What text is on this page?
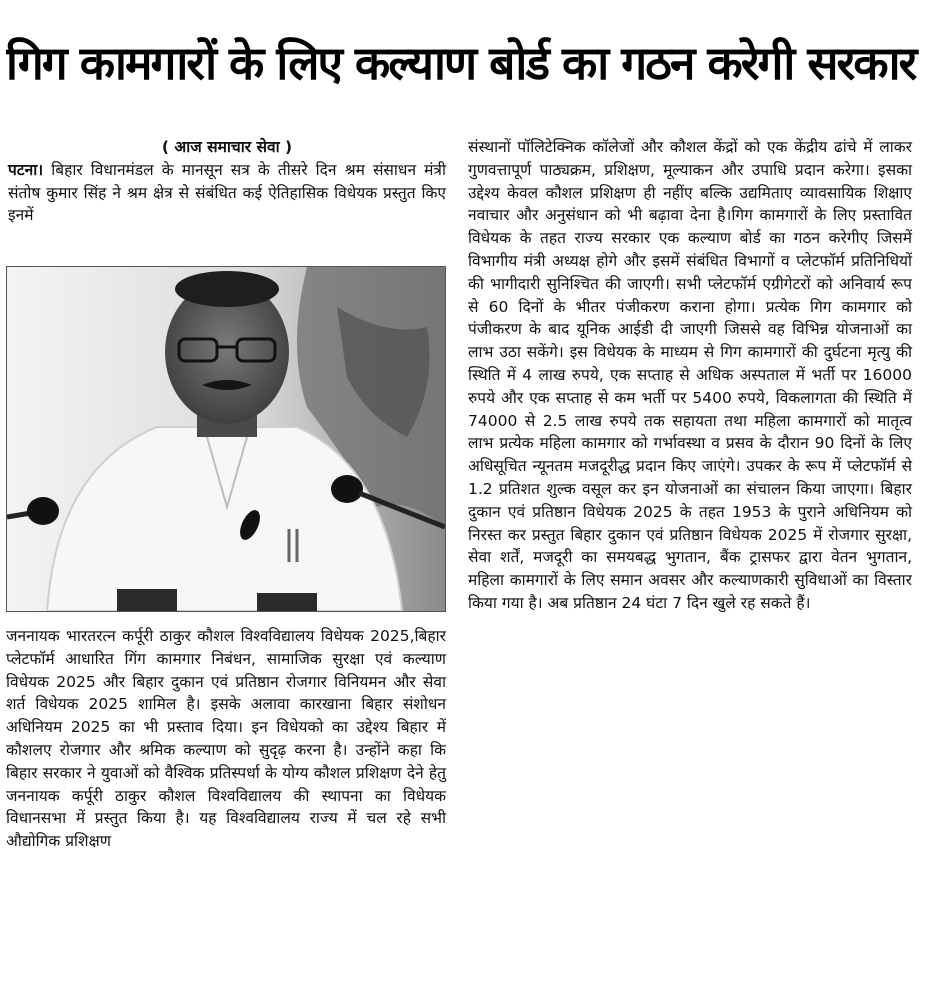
गिग कामगारों के लिए कल्याण बोर्ड का गठन करेगी सरकार
( आज समाचार सेवा )
पटना। बिहार विधानमंडल के मानसून सत्र के तीसरे दिन श्रम संसाधन मंत्री संतोष कुमार सिंह ने श्रम क्षेत्र से संबंधित कई ऐतिहासिक विधेयक प्रस्तुत किए इनमें
जननायक भारतरत्न कर्पूरी ठाकुर कौशल विश्वविद्यालय विधेयक 2025,बिहार प्लेटफॉर्म आधारित गिंग कामगार निबंधन, सामाजिक सुरक्षा एवं कल्याण विधेयक 2025 और बिहार दुकान एवं प्रतिष्ठान रोजगार विनियमन और सेवा शर्त विधेयक 2025 शामिल है। इसके अलावा कारखाना बिहार संशोधन अधिनियम 2025 का भी प्रस्ताव दिया। इन विधेयको का उद्देश्य बिहार में कौशलए रोजगार और श्रमिक कल्याण को सुदृढ़ करना है। उन्होंने कहा कि बिहार सरकार ने युवाओं को वैश्विक प्रतिस्पर्धा के योग्य कौशल प्रशिक्षण देने हेतु जननायक कर्पूरी ठाकुर कौशल विश्वविद्यालय की स्थापना का विधेयक विधानसभा में प्रस्तुत किया है। यह विश्वविद्यालय राज्य में चल रहे सभी औद्योगिक प्रशिक्षण
संस्थानों पॉलिटेक्निक कॉलेजों और कौशल केंद्रों को एक केंद्रीय ढांचे में लाकर गुणवत्तापूर्ण पाठ्यक्रम, प्रशिक्षण, मूल्याकन और उपाधि प्रदान करेगा। इसका उद्देश्य केवल कौशल प्रशिक्षण ही नहींए बल्कि उद्यमिताए व्यावसायिक शिक्षाए नवाचार और अनुसंधान को भी बढ़ावा देना है।गिग कामगारों के लिए प्रस्तावित विधेयक के तहत राज्य सरकार एक कल्याण बोर्ड का गठन करेगीए जिसमें विभागीय मंत्री अध्यक्ष होगे और इसमें संबंधित विभागों व प्लेटफॉर्म प्रतिनिधियों की भागीदारी सुनिश्चित की जाएगी। सभी प्लेटफॉर्म एग्रीगेटरों को अनिवार्य रूप से 60 दिनों के भीतर पंजीकरण कराना होगा। प्रत्येक गिग कामगार को पंजीकरण के बाद यूनिक आईडी दी जाएगी जिससे वह विभिन्न योजनाओं का लाभ उठा सकेंगे। इस विधेयक के माध्यम से गिग कामगारों की दुर्घटना मृत्यु की स्थिति में 4 लाख रुपये, एक सप्ताह से अधिक अस्पताल में भर्ती पर 16000 रुपये और एक सप्ताह से कम भर्ती पर 5400 रुपये, विकलागता की स्थिति में 74000 से 2.5 लाख रुपये तक सहायता तथा महिला कामगारों को मातृत्व लाभ प्रत्येक महिला कामगार को गर्भावस्था व प्रसव के दौरान 90 दिनों के लिए अधिसूचित न्यूनतम मजदूरीद्ध प्रदान किए जाएंगे। उपकर के रूप में प्लेटफॉर्म से 1.2 प्रतिशत शुल्क वसूल कर इन योजनाओं का संचालन किया जाएगा। बिहार दुकान एवं प्रतिष्ठान विधेयक 2025 के तहत 1953 के पुराने अधिनियम को निरस्त कर प्रस्तुत बिहार दुकान एवं प्रतिष्ठान विधेयक 2025 में रोजगार सुरक्षा, सेवा शर्तें, मजदूरी का समयबद्ध भुगतान, बैंक ट्रासफर द्वारा वेतन भुगतान, महिला कामगारों के लिए समान अवसर और कल्याणकारी सुविधाओं का विस्तार किया गया है। अब प्रतिष्ठान 24 घंटा 7 दिन खुले रह सकते हैं।
